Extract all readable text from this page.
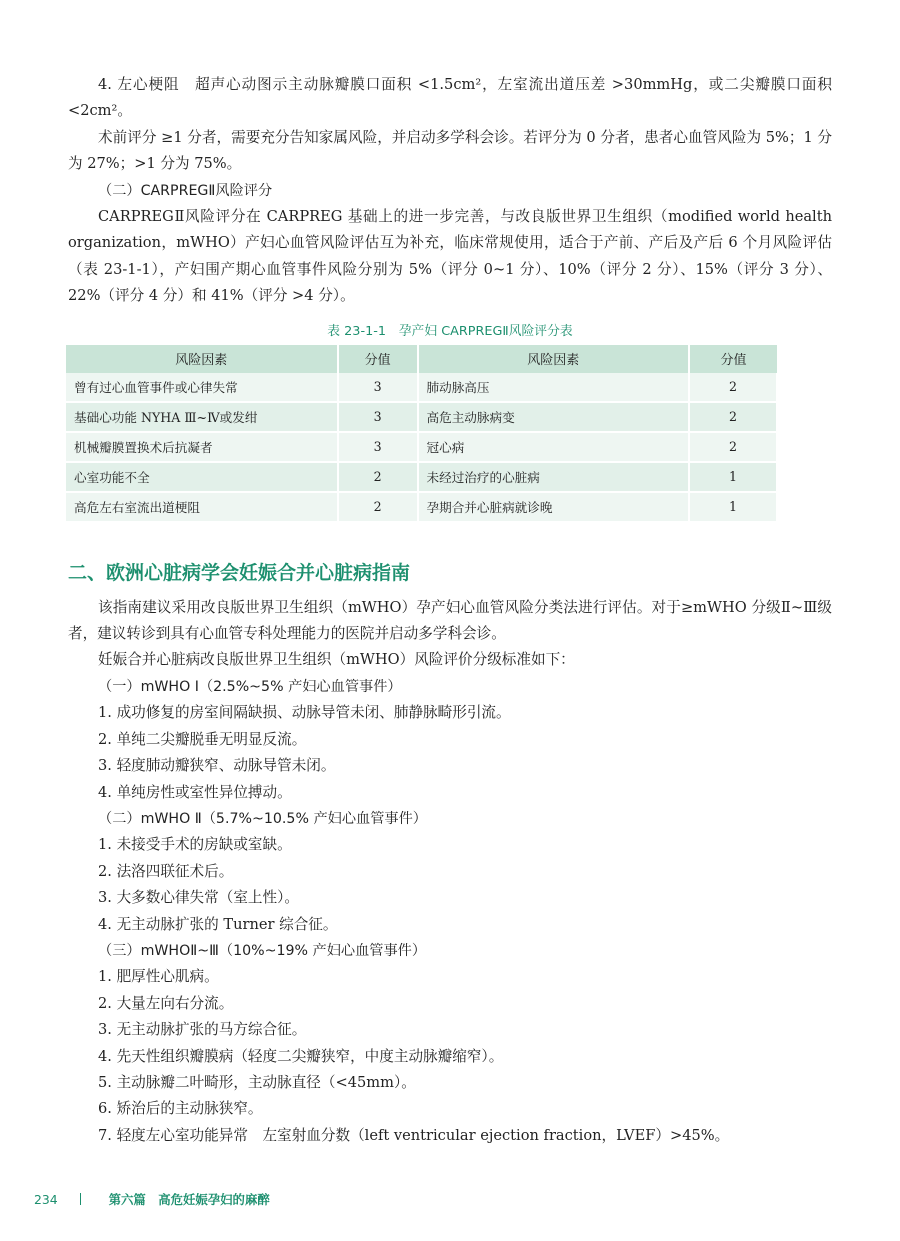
4. 左心梗阻　超声心动图示主动脉瓣膜口面积 <1.5cm²，左室流出道压差 >30mmHg，或二尖瓣膜口面积 <2cm²。

术前评分 ≥1 分者，需要充分告知家属风险，并启动多学科会诊。若评分为 0 分者，患者心血管风险为 5%；1 分为 27%；>1 分为 75%。

（二）CARPREGⅡ风险评分

CARPREGⅡ风险评分在 CARPREG 基础上的进一步完善，与改良版世界卫生组织（modified world health organization，mWHO）产妇心血管风险评估互为补充，临床常规使用，适合于产前、产后及产后 6 个月风险评估（表 23-1-1），产妇围产期心血管事件风险分别为 5%（评分 0~1 分）、10%（评分 2 分）、15%（评分 3 分）、22%（评分 4 分）和 41%（评分 >4 分）。

表 23-1-1　孕产妇 CARPREGⅡ风险评分表
风险因素	分值	风险因素	分值
曾有过心血管事件或心律失常	3	肺动脉高压	2
基础心功能 NYHA Ⅲ~Ⅳ或发绀	3	高危主动脉病变	2
机械瓣膜置换术后抗凝者	3	冠心病	2
心室功能不全	2	未经过治疗的心脏病	1
高危左右室流出道梗阻	2	孕期合并心脏病就诊晚	1
二、欧洲心脏病学会妊娠合并心脏病指南

该指南建议采用改良版世界卫生组织（mWHO）孕产妇心血管风险分类法进行评估。对于≥mWHO 分级Ⅱ~Ⅲ级者，建议转诊到具有心血管专科处理能力的医院并启动多学科会诊。

妊娠合并心脏病改良版世界卫生组织（mWHO）风险评价分级标准如下：

（一）mWHO Ⅰ（2.5%~5% 产妇心血管事件）

1. 成功修复的房室间隔缺损、动脉导管未闭、肺静脉畸形引流。

2. 单纯二尖瓣脱垂无明显反流。

3. 轻度肺动瓣狭窄、动脉导管未闭。

4. 单纯房性或室性异位搏动。

（二）mWHO Ⅱ（5.7%~10.5% 产妇心血管事件）

1. 未接受手术的房缺或室缺。

2. 法洛四联征术后。

3. 大多数心律失常（室上性）。

4. 无主动脉扩张的 Turner 综合征。

（三）mWHOⅡ~Ⅲ（10%~19% 产妇心血管事件）

1. 肥厚性心肌病。

2. 大量左向右分流。

3. 无主动脉扩张的马方综合征。

4. 先天性组织瓣膜病（轻度二尖瓣狭窄，中度主动脉瓣缩窄）。

5. 主动脉瓣二叶畸形，主动脉直径（<45mm）。

6. 矫治后的主动脉狭窄。

7. 轻度左心室功能异常　左室射血分数（left ventricular ejection fraction，LVEF）>45%。

234	第六篇　高危妊娠孕妇的麻醉
